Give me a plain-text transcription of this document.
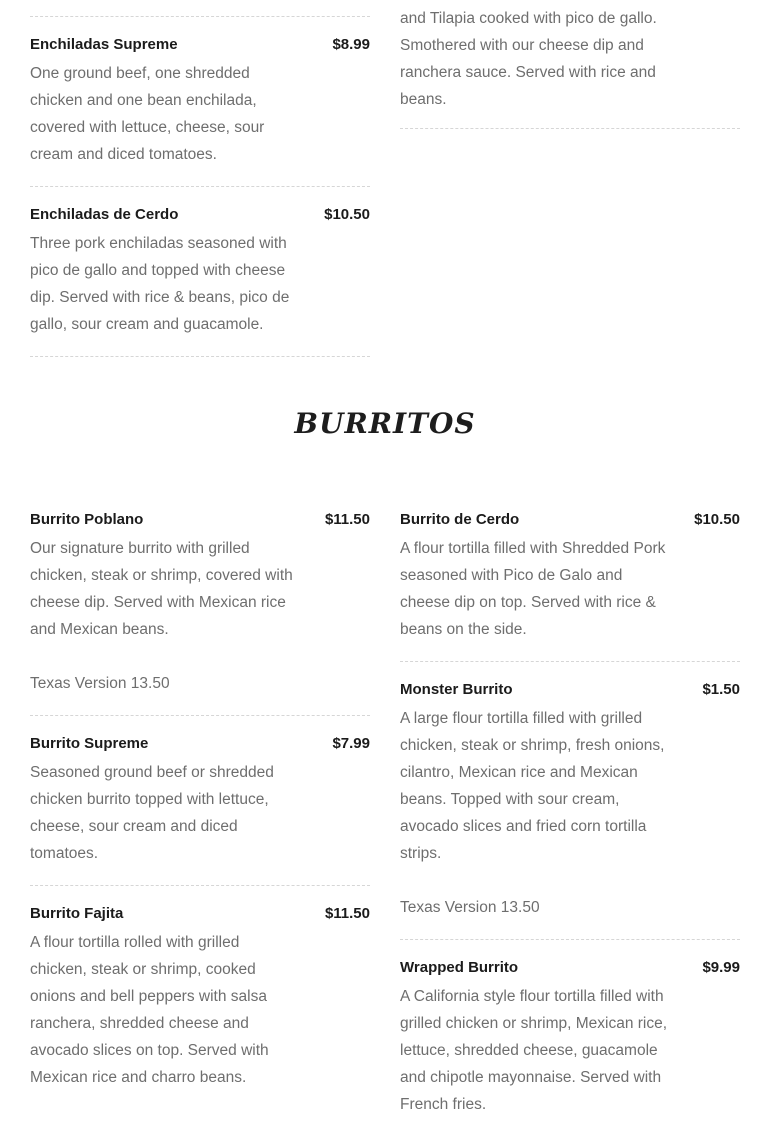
Enchiladas Supreme	$8.99
One ground beef, one shredded chicken and one bean enchilada, covered with lettuce, cheese, sour cream and diced tomatoes.
Enchiladas de Cerdo	$10.50
Three pork enchiladas seasoned with pico de gallo and topped with cheese dip. Served with rice & beans, pico de gallo, sour cream and guacamole.
and Tilapia cooked with pico de gallo.
Smothered with our cheese dip and
ranchera sauce. Served with rice and
beans.
BURRITOS
Burrito Poblano	$11.50
Our signature burrito with grilled chicken, steak or shrimp, covered with cheese dip. Served with Mexican rice and Mexican beans.
Texas Version 13.50
Burrito Supreme	$7.99
Seasoned ground beef or shredded chicken burrito topped with lettuce, cheese, sour cream and diced tomatoes.
Burrito Fajita	$11.50
A flour tortilla rolled with grilled chicken, steak or shrimp, cooked onions and bell peppers with salsa ranchera, shredded cheese and avocado slices on top. Served with Mexican rice and charro beans.
Burrito de Cerdo	$10.50
A flour tortilla filled with Shredded Pork seasoned with Pico de Galo and cheese dip on top. Served with rice & beans on the side.
Monster Burrito	$1.50
A large flour tortilla filled with grilled chicken, steak or shrimp, fresh onions, cilantro, Mexican rice and Mexican beans. Topped with sour cream, avocado slices and fried corn tortilla strips.
Texas Version 13.50
Wrapped Burrito	$9.99
A California style flour tortilla filled with grilled chicken or shrimp, Mexican rice, lettuce, shredded cheese, guacamole and chipotle mayonnaise. Served with French fries.
